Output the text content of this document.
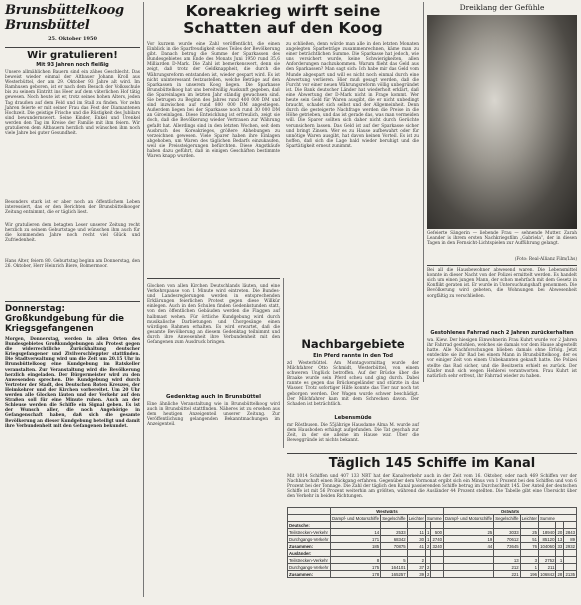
Brunsbüttelkoog
Brunsbüttel
25. Oktober 1950
Wir gratulieren!
Mit 93 Jahren noch fleißig
Unsere allmählichen Bauern sind ein zähes Geschlecht. Das beweist wieder einmal der Altbauer Johann Kroll aus Westerbüttel, der am 29. Oktober 93 Jahre alt wird. Im Ramhusen geboren, ist er nach dem Besuch der Volksschule bis zu seinem Eintritt ins Heer auf dem väterlichen Hof tätig gewesen. Noch heute ist er, trotz seines hohen Alters, jeden Tag draußen auf dem Feld und im Stall zu finden. Vor zehn Jahren feierte er mit seiner Frau das Fest der Diamantenen Hochzeit. Die geistige Frische und die Rüstigkeit des Jubilars sind bewundernswert. Seine Kinder, Enkel und Urenkel werden den Tag im Kreise der Familie mit ihm feiern. Wir gratulieren dem Altbauern herzlich und wünschen ihm noch viele Jahre bei guter Gesundheit.
Besonders stark ist er aber noch an öffentlichem Leben interessiert, das er den Berichten der Brunsbüttelkooger Zeitung entnimmt, die er täglich liest.
Wir gratulieren dem betagten Leser unserer Zeitung recht herzlich zu seinem Geburtstage und wünschen ihm auch für die kommenden Jahre noch recht viel Glück und Zufriedenheit.
Hans Alter, feiern 80. Geburtstag beginn am Donnerstag, den 26. Oktober, Herr Heinrich Biere, Bolmermoor.
Donnerstag: Großkundgebung für die Kriegsgefangenen
Morgen, Donnerstag, werden in allen Orten des Bundesgebietes Großkundgebungen als Protest gegen die widerrechtliche Zurückhaltung deutscher Kriegsgefangener und Zivilverschleppter stattfinden. Die Stadtverwaltung wird um die Zeit um 20.15 Uhr in Brunsbüttelkoog eine Kundgebung im Ratskeller veranstalten. Zur Veranstaltung wird die Bevölkerung herzlich eingeladen. Der Bürgermeister wird zu den Anwesenden sprechen. Die Kundgebung wird durch Vertreter der Stadt, des Deutschen Roten Kreuzes, der Heimkehrer und der Kirchen vorbereitet. Um 20 Uhr werden alle Glocken läuten und der Verkehr auf den Straßen soll für eine Minute ruhen. Auch an der Schleuse werden die Schiffe ein Signal geben. Es ist der Wunsch aller, die noch Angehörige in Gefangenschaft haben, daß sich die gesamte Bevölkerung an dieser Kundgebung beteiligt und damit ihre Verbundenheit mit den Gefangenen bekundet.
Koreakrieg wirft seine Schatten auf den Koog
Vor kurzem wurde eine Zahl veröffentlicht, die einen Einblick in die Sparfreudigkeit eines Teiles der Bevölkerung gibt. Danach betrug die Summe der Sparkassen des Bundesgebietes am Ende des Monats Juni 1950 rund 35,6 Milliarden D-Mark. Die Zahl ist bemerkenswert, denn sie zeigt, daß trotz der Geldknappheit, die durch die Währungsreform entstanden ist, wieder gespart wird. Es ist nicht uninteressant festzustellen, welche Beträge auf den Sparkassen in unserem Koog liegen. Die Sparkasse Brunsbüttelkoog hat uns bereitwillig Auskunft gegeben, daß die Spareinlagen im letzten Jahr ständig gewachsen sind. Sie betrugen zu Beginn des Jahres rund 400 000 DM und sind inzwischen auf rund 800 000 DM angestiegen. Außerdem liegen bei der Sparkasse noch rund 30 000 DM an Giroeinlagen. Diese Entwicklung ist erfreulich, zeigt sie doch, daß die Bevölkerung wieder Vertrauen zur Währung gefaßt hat. Allerdings sind in den letzten Wochen, seit dem Ausbruch des Koreakrieges, größere Abhebungen zu verzeichnen gewesen. Viele Sparer haben ihre Einlagen abgehoben, um Waren des täglichen Bedarfs einzukaufen, weil sie Preissteigerungen befürchten. Diese Angstkäufe haben dazu geführt, daß in einigen Geschäften bestimmte Waren knapp wurden.
zu schließen, denn würde man alle in den letzten Monaten angelegten Sparbeträge zusammenrechnen, käme man zu einer beträchtlichen Summe. Die Sparkasse hat jedoch, wie uns versichert wurde, keine Schwierigkeiten, allen Anforderungen nachzukommen. Warum flieht das Geld aus den Sparkassen? Man sagt sich: Ich habe mir das Geld vom Munde abgespart und will es nicht noch einmal durch eine Abwertung verlieren. Hier muß gesagt werden, daß die Furcht vor einer neuen Währungsreform völlig unbegründet ist. Die Bank deutscher Länder hat wiederholt erklärt, daß eine Abwertung der D-Mark nicht in Frage kommt. Wer heute sein Geld für Waren ausgibt, die er nicht unbedingt braucht, schadet sich selbst und der Allgemeinheit. Denn durch die gesteigerte Nachfrage werden die Preise in die Höhe getrieben, und das ist gerade das, was man vermeiden will. Die Sparer sollten sich daher nicht durch Gerüchte verunsichern lassen. Das Geld ist auf der Sparkasse sicher und bringt Zinsen. Wer es zu Hause aufbewahrt oder für unnötige Waren ausgibt, hat davon keinen Vorteil. Es ist zu hoffen, daß sich die Lage bald wieder beruhigt und die Spartätigkeit erneut zunimmt.
Dreiklang der Gefühle
Gefeierte Sängerin — liebende Frau — sehnende Mutter. Zarah Leander is ihrem ersten Nachkriegsfilm „Gabriela“, der in diesen Tagen in den Fernsicht-Lichtspielen zur Aufführung gelangt.
(Foto: Real-Allianz Film/Lhs)
Bei all die Hausbewohner abwesend waren. Die Lebensmittel konnte in dieser Nacht von der Polizei ermittelt werden. Es handelt sich um einen jungen Mann, der schon mehrfach mit dem Gesetz in Konflikt geraten ist. Er wurde in Untersuchungshaft genommen. Die Bevölkerung wird gebeten, die Wohnungen bei Abwesenheit sorgfältig zu verschließen.
Gestohlenes Fahrrad nach 2 Jahren zurückerhalten
wa. Kiew. Der hiesigen Einwohnerin Frau Kuhrt wurde vor 2 Jahren ihr Fahrrad gestohlen, welches sie damals vor dem Hause abgestellt hatte. Alle Nachforschungen blieben damals ohne Erfolg. Jetzt entdeckte sie ihr Rad bei einem Mann in Brunsbüttelkoog, der es vor einiger Zeit von einem Unbekannten gekauft hatte. Die Polizei stellte das Rad sicher, und die Besitzerin erhielt es zurück. Der Käufer muß sich wegen Hehlerei verantworten. Frau Kuhrt ist natürlich sehr erfreut, ihr Fahrrad wieder zu haben.
Glocken von allen Kirchen Deutschlands läuten, und eine Verkehrspause von 1 Minute wird eintreten. Die Bundes- und Landesregierungen werden in entsprechenden Erklärungen feierlichen Protest gegen diese Willkür einlegen. Auch in den Schulen finden Gedenkstunden statt, von den öffentlichen Gebäuden werden die Flaggen auf halbmast wehen. Für örtliche Kundgebung wird durch musikalische Darbietungen und Chorgesänge einen würdigen Rahmen erhalten. Es wird erwartet, daß die gesamte Bevölkerung an diesem Gedenktag teilnimmt und durch ihre Anwesenheit ihre Verbundenheit mit den Gefangenen zum Ausdruck bringen.
Gedenktag auch in Brunsbüttel
Eine ähnliche Veranstaltung wie in Brunsbüttelkoog wird auch in Brunsbüttel stattfinden. Näheres ist zu ersehen aus dem heutigen Anzeigenteil unserer Zeitung. Zur Veröffentlichung gelangenden Bekanntmachungen im Anzeigenteil.
Nachbargebiete
Ein Pferd rannte in den Tod
zd Westerbüttel. Am Montagvormittag wurde der Milchfahrer Otto Schmidt, Westerbüttel, von einem schweren Unglück betroffen. Auf der Brücke über die Braake wurde sein Pferd scheu und ging durch. Dabei rannte es gegen das Brückengeländer und stürzte in das Wasser. Trotz sofortiger Hilfe konnte das Tier nur noch tot geborgen werden. Der Wagen wurde schwer beschädigt. Der Milchfahrer kam mit dem Schrecken davon. Der Schaden ist beträchtlich.
Lebensmüde
mr Röstbusen. Die 55jährige Hausdame Alma M. wurde auf dem Hausboden erhängt aufgefunden. Die Tat geschah zur Zeit, in der sie alleine im Hause war. Über die Beweggründe ist nichts bekannt.
Täglich 145 Schiffe im Kanal
Mit 1014 Schiffen und 407 133 NRT hat der Kanalverkehr auch in der Zeit vom 16. Oktober, oder nach 469 Schiffen vor der Nachbarschaft einen Rückgang erfahren. Gegenüber dem Vormonat ergibt sich ein Minus von 1 Prozent bei den Schiffen und von 6 Prozent bei der Tonnage. Die Zahl der täglich den Kanal passierenden Schiffe betrug im Durchschnitt 145. Der Anteil der deutschen Schiffe ist mit 56 Prozent weiterhin am größten, während die Ausländer 44 Prozent stellten. Die Tabelle gibt eine Übersicht über den Verkehr in beiden Richtungen.
	Westwärts					Ostwärts					
	Dampf- und Motorschiffe	Segelschiffe	Leichter	Summe		Dampf- und Motorschiffe	Segelschiffe	Leichter	Summe		
Deutsche:											
Teilstrecken-Verkehr	14	2533	11	1	500	25	3033	25	18940	20	2843
Durchgangs-Verkehr	171	68342	30	1	2740	19	70612	51	85120	13	89
Zusammen:	185	70875	41	2	3240	44	73645	76	104060	33	2932
Ausländer:											
Teilstrecken-Verkehr	8	5	2				13	3	2752	1	
Durchgangs-Verkehr	175	164101	37	2			212	1	211		
Zusammen:	178	165257	39	2			221	196	106842	28	2135
